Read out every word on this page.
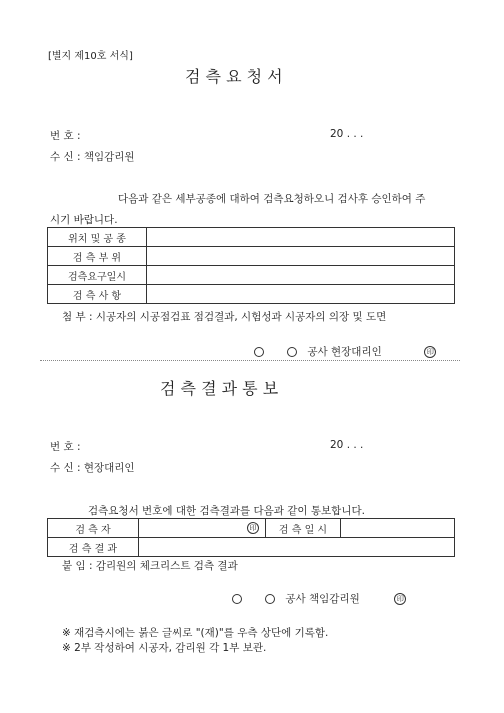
[별지 제10호 서식]
검 측 요 청 서
번 호 :	20 . . .
수 신 : 책임감리원
다음과 같은 세부공종에 대하여 검측요청하오니 검사후 승인하여 주
시기 바랍니다.
위치 및 공 종	
검 측 부 위	
검측요구일시	
검 측 사 항	
첨 부 : 시공자의 시공점검표 점검결과, 시험성과 시공자의 의장 및 도면
공사 현장대리인	印
검 측 결 과 통 보
번 호 :	20 . . .
수 신 : 현장대리인
검측요청서 번호에 대한 검측결과를 다음과 같이 통보합니다.
검 측 자	印	검 측 일 시	
검 측 결 과			
붙 임 : 감리원의 체크리스트 검측 결과
공사 책임감리원	印
※ 재검측시에는 붉은 글씨로 "(재)"를 우측 상단에 기록함.
※ 2부 작성하여 시공자, 감리원 각 1부 보관.
